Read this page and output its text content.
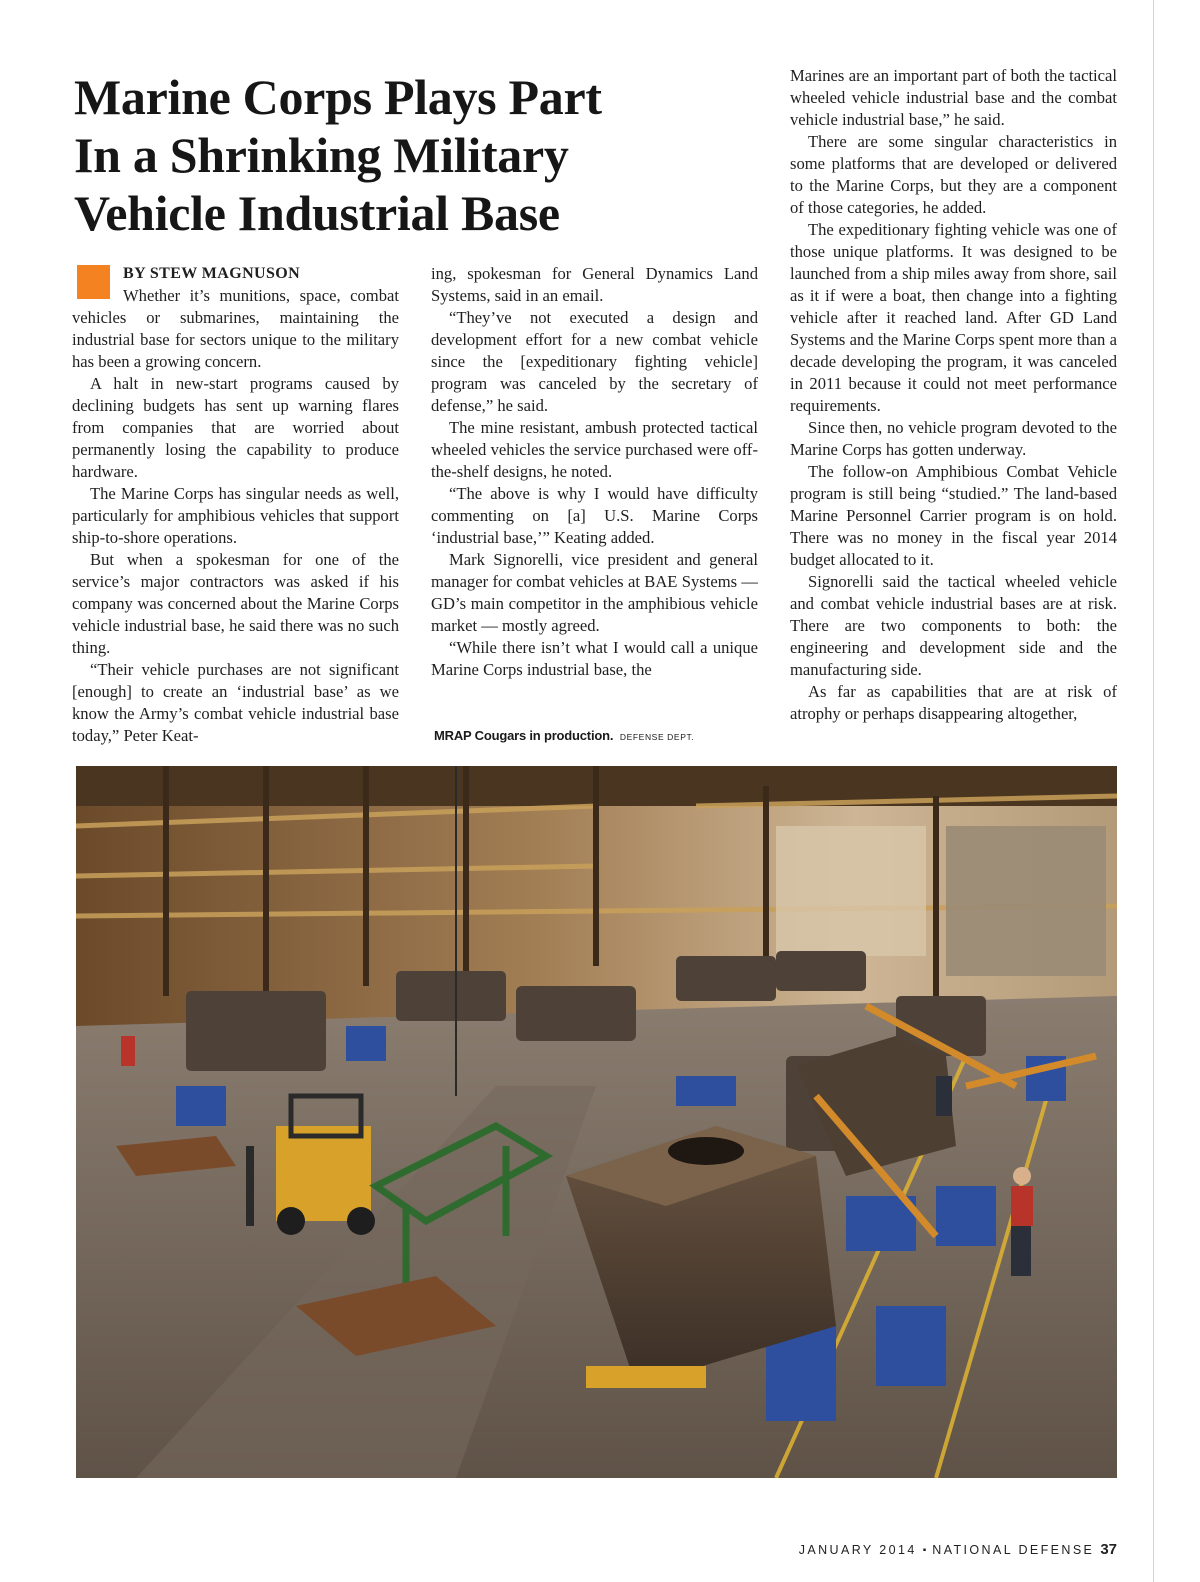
Marine Corps Plays Part
In a Shrinking Military
Vehicle Industrial Base
BY STEW MAGNUSON

Whether it’s munitions, space, combat vehicles or submarines, maintaining the industrial base for sectors unique to the military has been a growing concern.

A halt in new-start programs caused by declining budgets has sent up warning flares from companies that are worried about permanently losing the capability to produce hardware.

The Marine Corps has singular needs as well, particularly for amphibious vehicles that support ship-to-shore operations.

But when a spokesman for one of the service’s major contractors was asked if his company was concerned about the Marine Corps vehicle industrial base, he said there was no such thing.

“Their vehicle purchases are not significant [enough] to create an ‘industrial base’ as we know the Army’s combat vehicle industrial base today,” Peter Keat-

ing, spokesman for General Dynamics Land Systems, said in an email.

“They’ve not executed a design and development effort for a new combat vehicle since the [expeditionary fighting vehicle] program was canceled by the secretary of defense,” he said.

The mine resistant, ambush protected tactical wheeled vehicles the service purchased were off-the-shelf designs, he noted.

“The above is why I would have difficulty commenting on [a] U.S. Marine Corps ‘industrial base,’” Keating added.

Mark Signorelli, vice president and general manager for combat vehicles at BAE Systems — GD’s main competitor in the amphibious vehicle market — mostly agreed.

“While there isn’t what I would call a unique Marine Corps industrial base, the

MRAP Cougars in production. DEFENSE DEPT.

Marines are an important part of both the tactical wheeled vehicle industrial base and the combat vehicle industrial base,” he said.

There are some singular characteristics in some platforms that are developed or delivered to the Marine Corps, but they are a component of those categories, he added.

The expeditionary fighting vehicle was one of those unique platforms. It was designed to be launched from a ship miles away from shore, sail as it if were a boat, then change into a fighting vehicle after it reached land. After GD Land Systems and the Marine Corps spent more than a decade developing the program, it was canceled in 2011 because it could not meet performance requirements.

Since then, no vehicle program devoted to the Marine Corps has gotten underway.

The follow-on Amphibious Combat Vehicle program is still being “studied.” The land-based Marine Personnel Carrier program is on hold. There was no money in the fiscal year 2014 budget allocated to it.

Signorelli said the tactical wheeled vehicle and combat vehicle industrial bases are at risk. There are two components to both: the engineering and development side and the manufacturing side.

As far as capabilities that are at risk of atrophy or perhaps disappearing altogether,

JANUARY 2014 ▪ NATIONAL DEFENSE 37
